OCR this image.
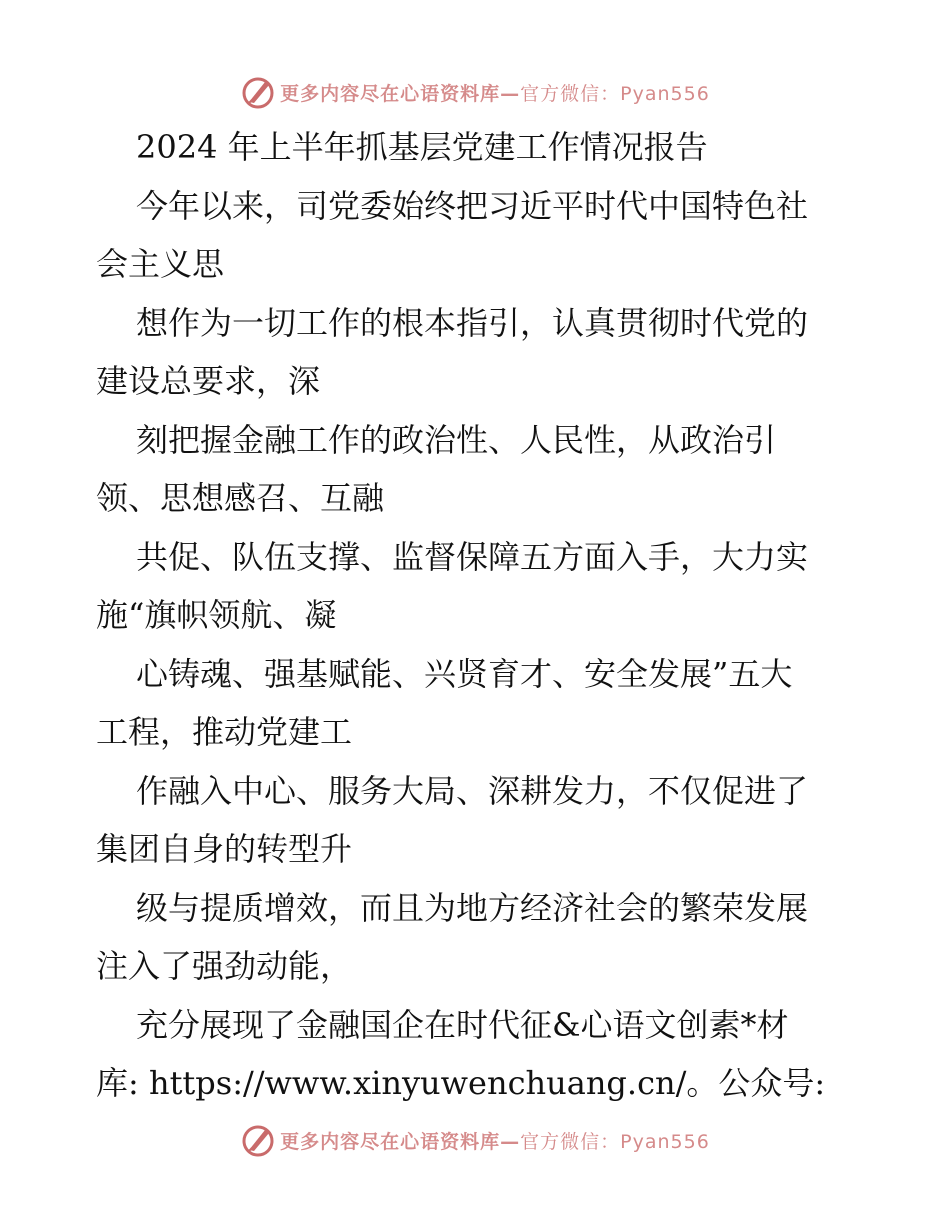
更多内容尽在心语资料库—官方微信：Pyan556
2024 年上半年抓基层党建工作情况报告
今年以来，司党委始终把习近平时代中国特色社
会主义思
想作为一切工作的根本指引，认真贯彻时代党的
建设总要求，深
刻把握金融工作的政治性、人民性，从政治引
领、思想感召、互融
共促、队伍支撑、监督保障五方面入手，大力实
施“旗帜领航、凝
心铸魂、强基赋能、兴贤育才、安全发展”五大
工程，推动党建工
作融入中心、服务大局、深耕发力，不仅促进了
集团自身的转型升
级与提质增效，而且为地方经济社会的繁荣发展
注入了强劲动能，
充分展现了金融国企在时代征&心语文创素*材
库: https://www.xinyuwenchuang.cn/。公众号:
更多内容尽在心语资料库—官方微信：Pyan556
